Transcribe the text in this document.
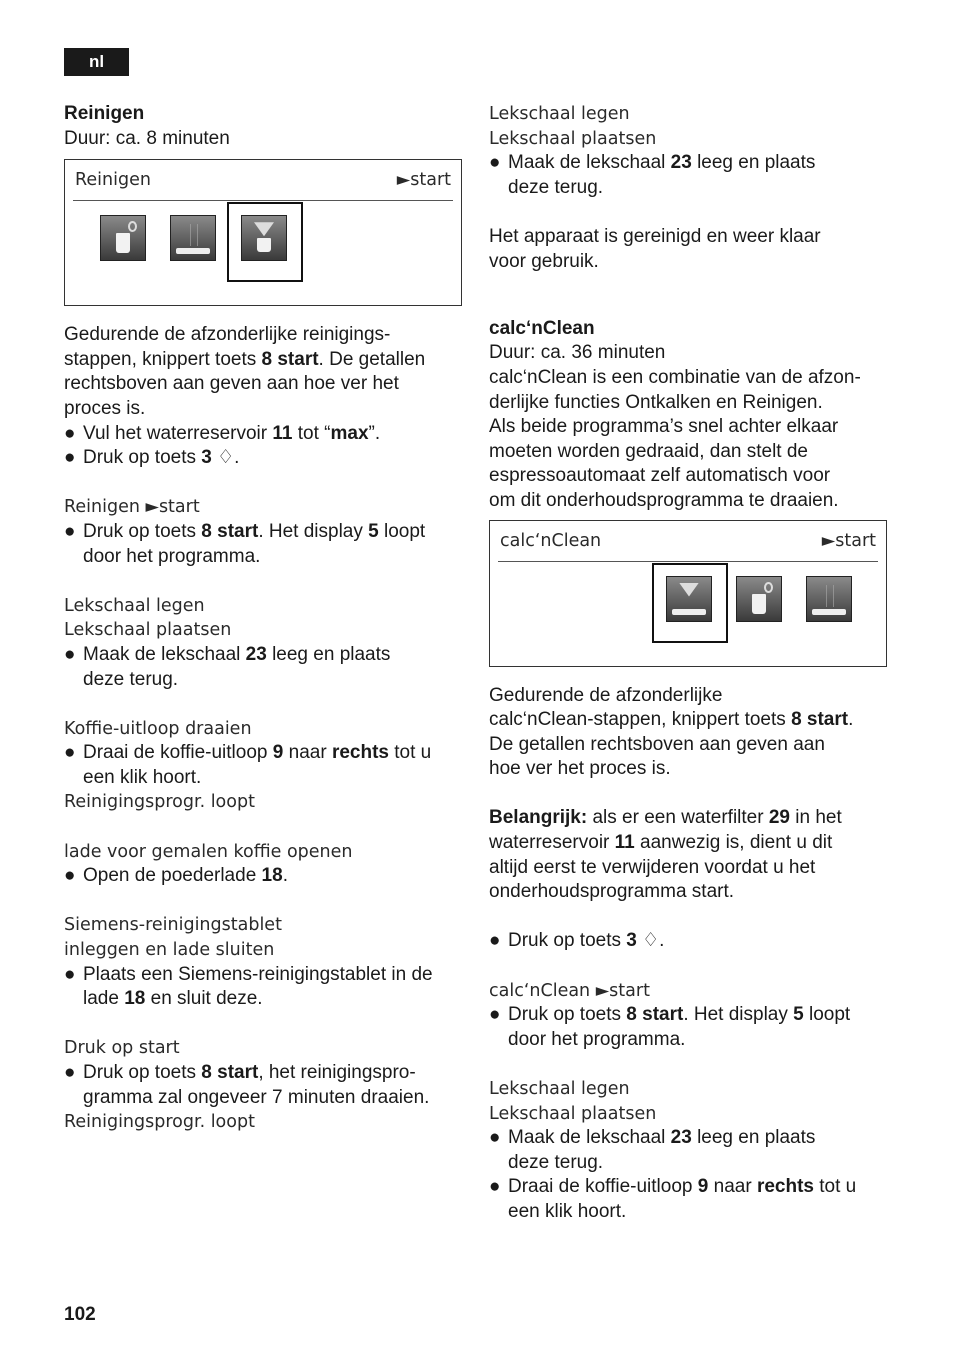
nl

Reinigen

Duur: ca. 8 minuten

Reinigen	►start

Gedurende de afzonderlijke reinigings-
stappen, knippert toets 8 start. De getallen
rechtsboven aan geven aan hoe ver het
proces is.

● Vul het waterreservoir 11 tot “max”.
● Druk op toets 3 ♢.

Reinigen ►start

● Druk op toets 8 start. Het display 5 loopt
door het programma.

Lekschaal legen

Lekschaal plaatsen

● Maak de lekschaal 23 leeg en plaats
deze terug.

Koffie-uitloop draaien

● Draai de koffie-uitloop 9 naar rechts tot u
een klik hoort.

Reinigingsprogr. loopt

lade voor gemalen koffie openen

● Open de poederlade 18.

Siemens-reinigingstablet

inleggen en lade sluiten

● Plaats een Siemens-reinigingstablet in de
lade 18 en sluit deze.

Druk op start

● Druk op toets 8 start, het reinigingspro-
gramma zal ongeveer 7 minuten draaien.

Reinigingsprogr. loopt

Lekschaal legen

Lekschaal plaatsen

● Maak de lekschaal 23 leeg en plaats
deze terug.

Het apparaat is gereinigd en weer klaar
voor gebruik.

calc‘nClean

Duur: ca. 36 minuten

calc‘nClean is een combinatie van de afzon-
derlijke functies Ontkalken en Reinigen.
Als beide programma’s snel achter elkaar
moeten worden gedraaid, dan stelt de
espressoautomaat zelf automatisch voor
om dit onderhoudsprogramma te draaien.

calc‘nClean	►start

Gedurende de afzonderlijke
calc‘nClean-stappen, knippert toets 8 start.
De getallen rechtsboven aan geven aan
hoe ver het proces is.

Belangrijk: als er een waterfilter 29 in het
waterreservoir 11 aanwezig is, dient u dit
altijd eerst te verwijderen voordat u het
onderhoudsprogramma start.

● Druk op toets 3 ♢.

calc‘nClean ►start

● Druk op toets 8 start. Het display 5 loopt
door het programma.

Lekschaal legen

Lekschaal plaatsen

● Maak de lekschaal 23 leeg en plaats
deze terug.
● Draai de koffie-uitloop 9 naar rechts tot u
een klik hoort.
102
